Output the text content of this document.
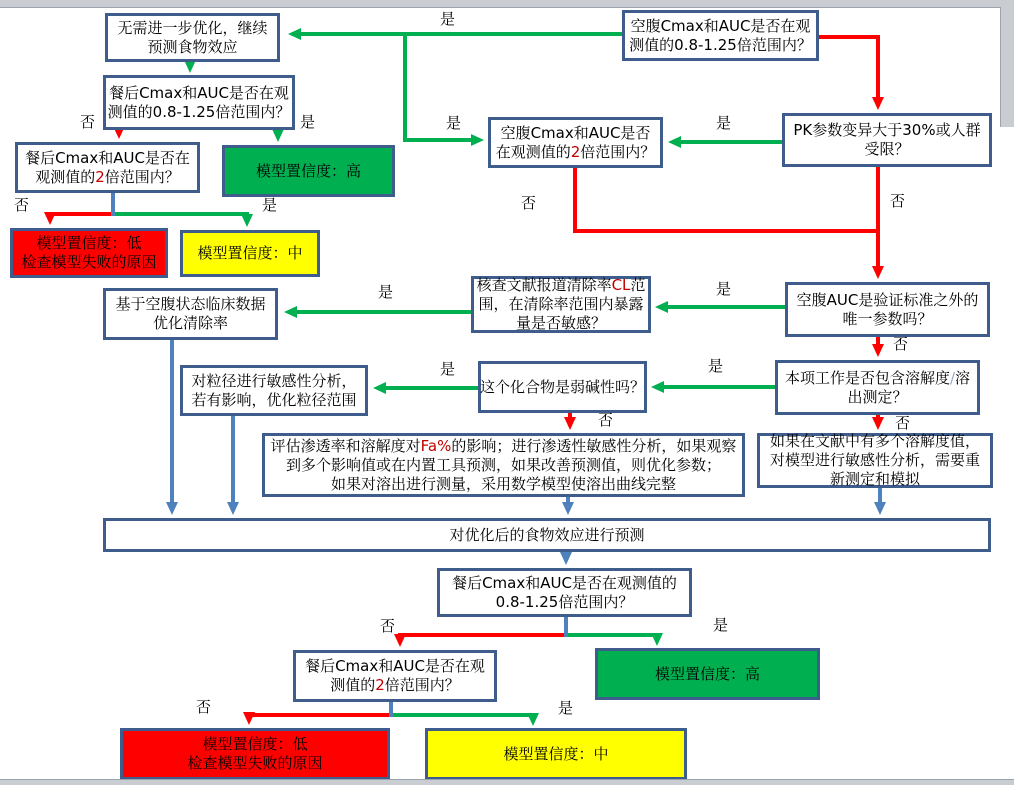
无需进一步优化，继续
预测食物效应
餐后Cmax和AUC是否在观
测值的0.8-1.25倍范围内？
空腹Cmax和AUC是否在观
测值的0.8-1.25倍范围内？
餐后Cmax和AUC是否在
观测值的2倍范围内？	模型置信度：高
空腹Cmax和AUC是否
在观测值的2倍范围内？
PK参数变异大于30%或人群
受限？
模型置信度：低
检查模型失败的原因	模型置信度：中
基于空腹状态临床数据
优化清除率
核查文献报道清除率CL范
围，在清除率范围内暴露
量是否敏感？
空腹AUC是验证标准之外的
唯一参数吗？
对粒径进行敏感性分析，
若有影响，优化粒径范围
这个化合物是弱碱性吗？	本项工作是否包含溶解度/溶
出测定？
评估渗透率和溶解度对Fa%的影响；进行渗透性敏感性分析，如果观察
到多个影响值或在内置工具预测，如果改善预测值，则优化参数；
如果对溶出进行测量，采用数学模型使溶出曲线完整
如果在文献中有多个溶解度值，
对模型进行敏感性分析，需要重
新测定和模拟
对优化后的食物效应进行预测
餐后Cmax和AUC是否在观测值的
0.8-1.25倍范围内？
餐后Cmax和AUC是否在观
测值的2倍范围内？
模型置信度：高
模型置信度：低
检查模型失败的原因
模型置信度：中
是
是
是
否
否	是
是
否
否
是
是
否
是	是
否	否
否	是
否	是
